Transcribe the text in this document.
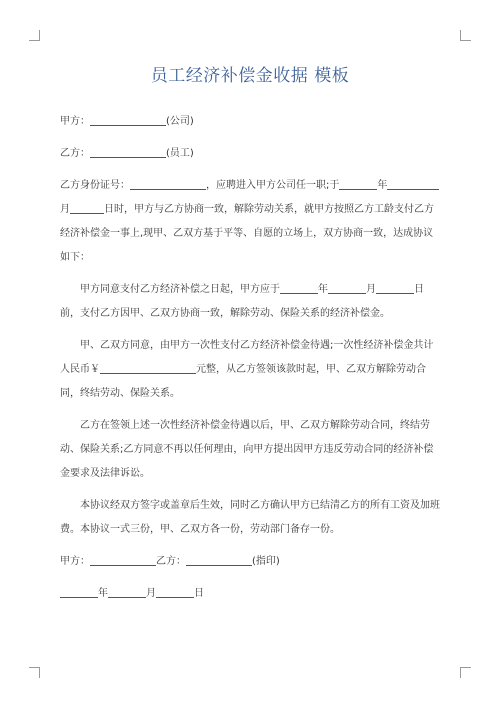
员工经济补偿金收据 模板

甲方：	(公司)

乙方：	(员工)

乙方身份证号：	，应聘进入甲方公司任一职;于	年月	日时，甲方与乙方协商一致，解除劳动关系，就甲方按照乙方工龄支付乙方经济补偿金一事上,现甲、乙双方基于平等、自愿的立场上，双方协商一致，达成协议如下：

甲方同意支付乙方经济补偿之日起，甲方应于	年	月	日前，支付乙方因甲、乙双方协商一致，解除劳动、保险关系的经济补偿金。

甲、乙双方同意，由甲方一次性支付乙方经济补偿金待遇;一次性经济补偿金共计人民币￥	元整，从乙方签领该款时起，甲、乙双方解除劳动合同，终结劳动、保险关系。

乙方在签领上述一次性经济补偿金待遇以后，甲、乙双方解除劳动合同，终结劳动、保险关系;乙方同意不再以任何理由，向甲方提出因甲方违反劳动合同的经济补偿金要求及法律诉讼。

本协议经双方签字或盖章后生效，同时乙方确认甲方已结清乙方的所有工资及加班费。本协议一式三份，甲、乙双方各一份，劳动部门备存一份。

甲方：	乙方：	(指印)

年	月	日
